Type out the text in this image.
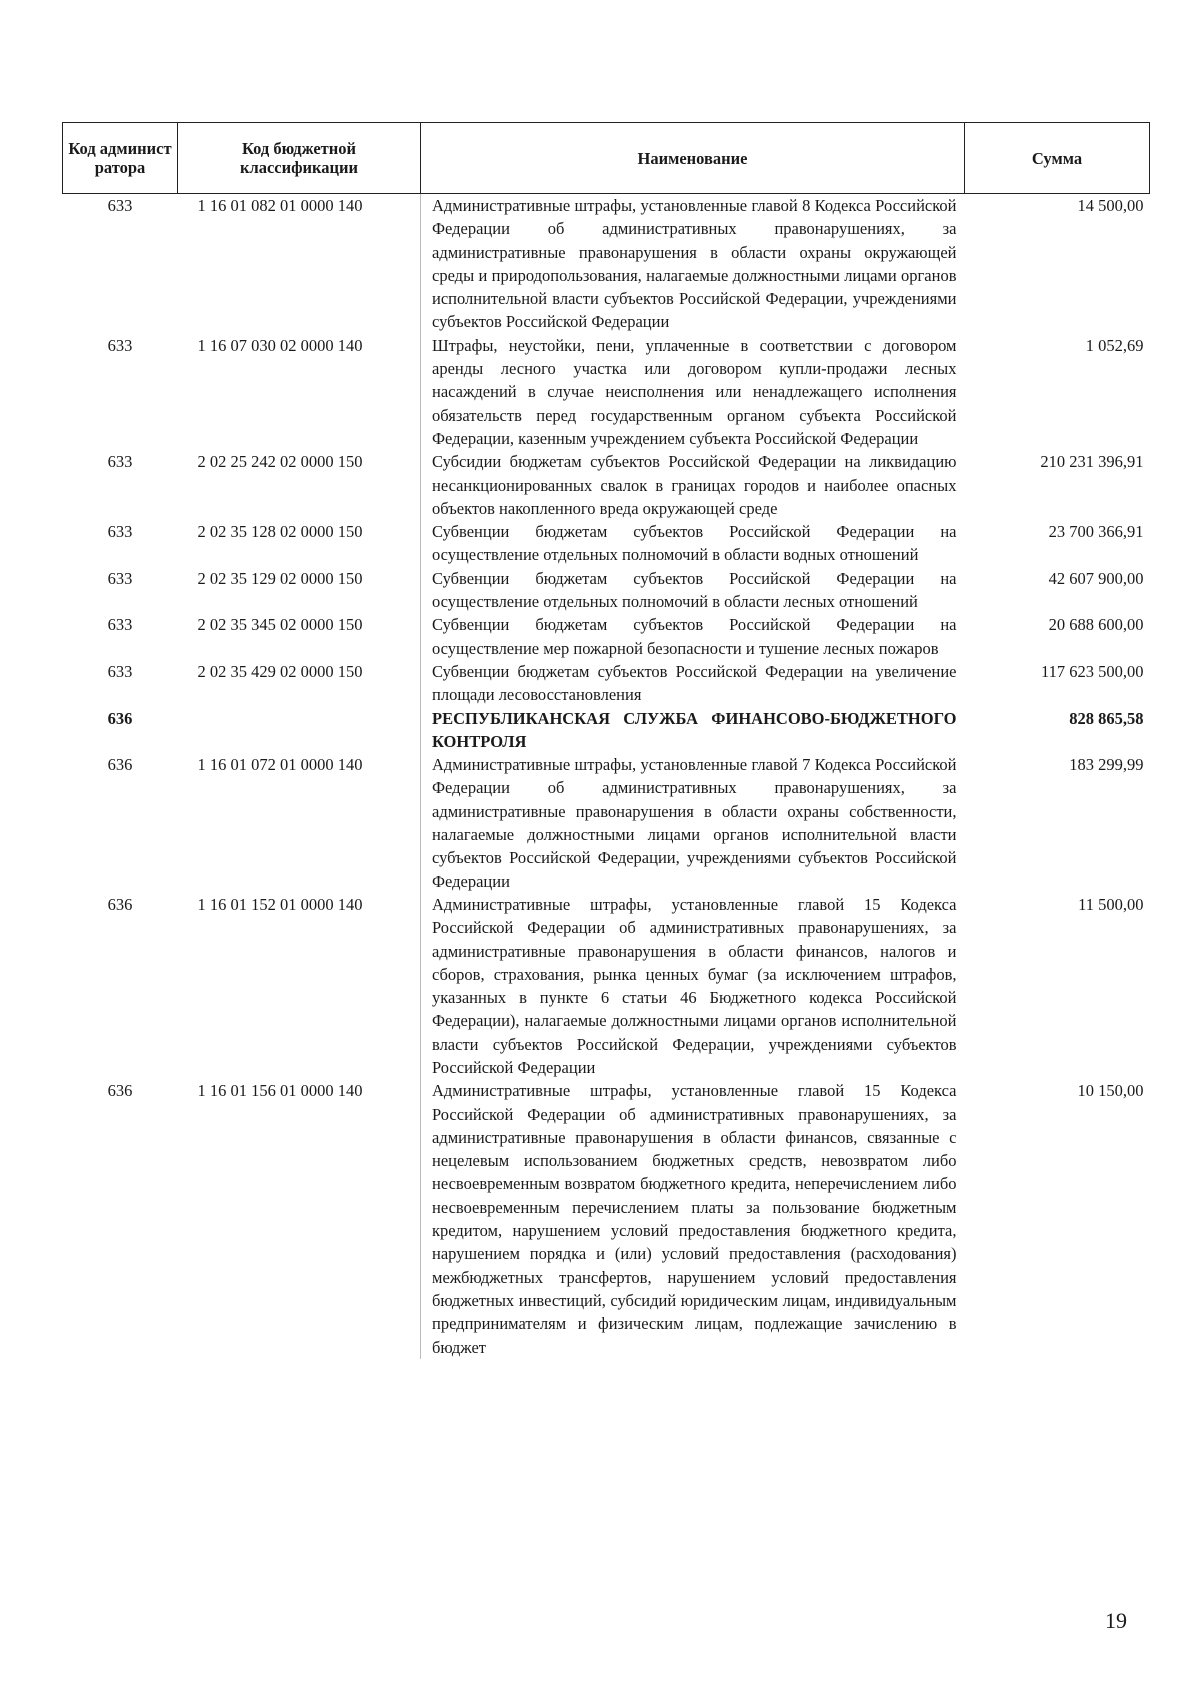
Код админист ратора	Код бюджетной классификации	Наименование	Сумма
633	1 16 01 082 01 0000 140	Административные штрафы, установленные главой 8 Кодекса Российской Федерации об административных правонарушениях, за административные правонарушения в области охраны окружающей среды и природопользования, налагаемые должностными лицами органов исполнительной власти субъектов Российской Федерации, учреждениями субъектов Российской Федерации	14 500,00
633	1 16 07 030 02 0000 140	Штрафы, неустойки, пени, уплаченные в соответствии с договором аренды лесного участка или договором купли-продажи лесных насаждений в случае неисполнения или ненадлежащего исполнения обязательств перед государственным органом субъекта Российской Федерации, казенным учреждением субъекта Российской Федерации	1 052,69
633	2 02 25 242 02 0000 150	Субсидии бюджетам субъектов Российской Федерации на ликвидацию несанкционированных свалок в границах городов и наиболее опасных объектов накопленного вреда окружающей среде	210 231 396,91
633	2 02 35 128 02 0000 150	Субвенции бюджетам субъектов Российской Федерации на осуществление отдельных полномочий в области водных отношений	23 700 366,91
633	2 02 35 129 02 0000 150	Субвенции бюджетам субъектов Российской Федерации на осуществление отдельных полномочий в области лесных отношений	42 607 900,00
633	2 02 35 345 02 0000 150	Субвенции бюджетам субъектов Российской Федерации на осуществление мер пожарной безопасности и тушение лесных пожаров	20 688 600,00
633	2 02 35 429 02 0000 150	Субвенции бюджетам субъектов Российской Федерации на увеличение площади лесовосстановления	117 623 500,00
636		РЕСПУБЛИКАНСКАЯ СЛУЖБА ФИНАНСОВО-БЮДЖЕТНОГО КОНТРОЛЯ	828 865,58
636	1 16 01 072 01 0000 140	Административные штрафы, установленные главой 7 Кодекса Российской Федерации об административных правонарушениях, за административные правонарушения в области охраны собственности, налагаемые должностными лицами органов исполнительной власти субъектов Российской Федерации, учреждениями субъектов Российской Федерации	183 299,99
636	1 16 01 152 01 0000 140	Административные штрафы, установленные главой 15 Кодекса Российской Федерации об административных правонарушениях, за административные правонарушения в области финансов, налогов и сборов, страхования, рынка ценных бумаг (за исключением штрафов, указанных в пункте 6 статьи 46 Бюджетного кодекса Российской Федерации), налагаемые должностными лицами органов исполнительной власти субъектов Российской Федерации, учреждениями субъектов Российской Федерации	11 500,00
636	1 16 01 156 01 0000 140	Административные штрафы, установленные главой 15 Кодекса Российской Федерации об административных правонарушениях, за административные правонарушения в области финансов, связанные с нецелевым использованием бюджетных средств, невозвратом либо несвоевременным возвратом бюджетного кредита, неперечислением либо несвоевременным перечислением платы за пользование бюджетным кредитом, нарушением условий предоставления бюджетного кредита, нарушением порядка и (или) условий предоставления (расходования) межбюджетных трансфертов, нарушением условий предоставления бюджетных инвестиций, субсидий юридическим лицам, индивидуальным предпринимателям и физическим лицам, подлежащие зачислению в бюджет	10 150,00
19
